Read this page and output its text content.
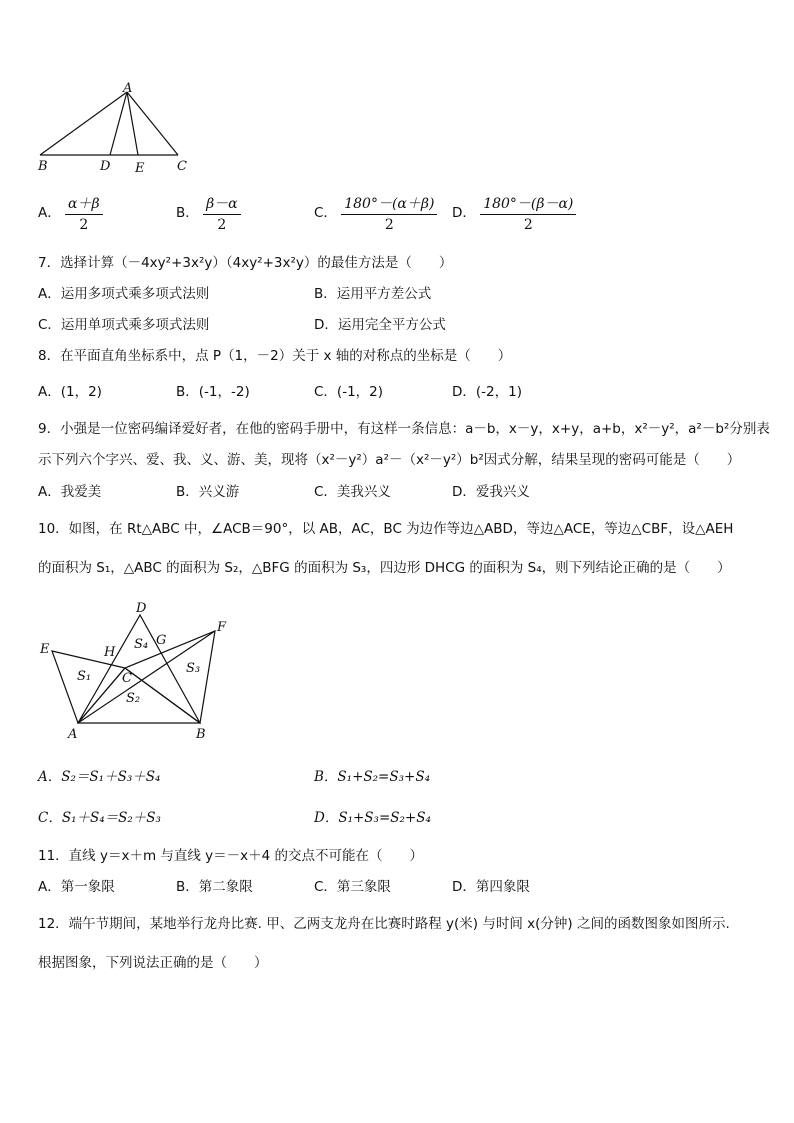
A
B	D E	C
A． $\frac{\alpha+\beta}{2}$	B． $\frac{\beta-\alpha}{2}$	C． $\frac{180^\circ-(\alpha+\beta)}{2}$ D． $\frac{180^\circ-(\beta-\alpha)}{2}$
7．选择计算（－4xy²+3x²y）（4xy²+3x²y）的最佳方法是（　　）
A．运用多项式乘多项式法则	B．运用平方差公式
C．运用单项式乘多项式法则	D．运用完全平方公式
8．在平面直角坐标系中，点 P（1，－2）关于 x 轴的对称点的坐标是（　　）
A．(1，2)	B．(-1，-2)	C．(-1，2)	D．(-2，1)
9．小强是一位密码编译爱好者，在他的密码手册中，有这样一条信息：a－b，x－y，x+y，a+b，x²－y²，a²－b²分别表
示下列六个字兴、爱、我、义、游、美，现将（x²－y²）a²－（x²－y²）b²因式分解，结果呈现的密码可能是（　　）
A．我爱美	B．兴义游	C．美我兴义	D．爱我兴义
10．如图，在 Rt△ABC 中，∠ACB＝90°，以 AB，AC，BC 为边作等边△ABD，等边△ACE，等边△CBF，设△AEH
的面积为 S₁，△ABC 的面积为 S₂，△BFG 的面积为 S₃，四边形 DHCG 的面积为 S₄，则下列结论正确的是（　　）
D
E
F
H
G
C
A	B
S₁
S₂
S₃
S₄
A．S₂＝S₁＋S₃＋S₄	B．S₁+S₂=S₃+S₄
C．S₁＋S₄＝S₂＋S₃	D．S₁+S₃=S₂+S₄
11．直线 y＝x＋m 与直线 y＝－x＋4 的交点不可能在（　　）
A．第一象限	B．第二象限	C．第三象限	D．第四象限
12．端午节期间，某地举行龙舟比赛. 甲、乙两支龙舟在比赛时路程 y(米) 与时间 x(分钟) 之间的函数图象如图所示.
根据图象，下列说法正确的是（　　）
